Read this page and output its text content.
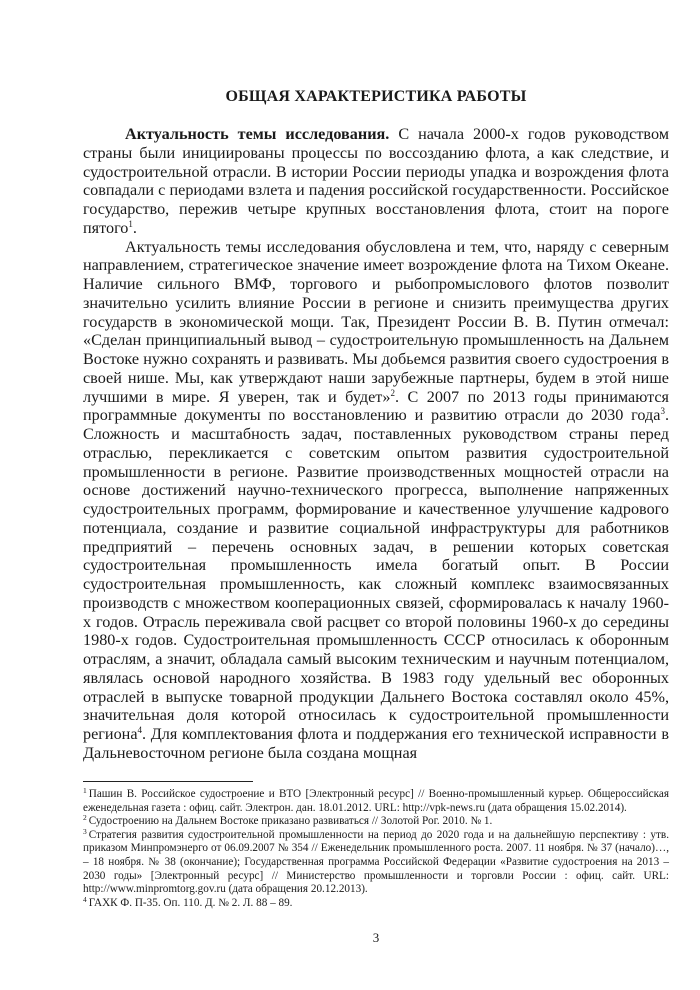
ОБЩАЯ ХАРАКТЕРИСТИКА РАБОТЫ

Актуальность темы исследования. С начала 2000-х годов руководством страны были инициированы процессы по воссозданию флота, а как следствие, и судостроительной отрасли. В истории России периоды упадка и возрождения флота совпадали с периодами взлета и падения российской государственности. Российское государство, пережив четыре крупных восстановления флота, стоит на пороге пятого$^1$.

Актуальность темы исследования обусловлена и тем, что, наряду с северным направлением, стратегическое значение имеет возрождение флота на Тихом Океане. Наличие сильного ВМФ, торгового и рыбопромыслового флотов позволит значительно усилить влияние России в регионе и снизить преимущества других государств в экономической мощи. Так, Президент России В. В. Путин отмечал: «Сделан принципиальный вывод – судостроительную промышленность на Дальнем Востоке нужно сохранять и развивать. Мы добьемся развития своего судостроения в своей нише. Мы, как утверждают наши зарубежные партнеры, будем в этой нише лучшими в мире. Я уверен, так и будет»$^2$. С 2007 по 2013 годы принимаются программные документы по восстановлению и развитию отрасли до 2030 года$^3$. Сложность и масштабность задач, поставленных руководством страны перед отраслью, перекликается с советским опытом развития судостроительной промышленности в регионе. Развитие производственных мощностей отрасли на основе достижений научно-технического прогресса, выполнение напряженных судостроительных программ, формирование и качественное улучшение кадрового потенциала, создание и развитие социальной инфраструктуры для работников предприятий – перечень основных задач, в решении которых советская судостроительная промышленность имела богатый опыт. В России судостроительная промышленность, как сложный комплекс взаимосвязанных производств с множеством кооперационных связей, сформировалась к началу 1960-х годов. Отрасль переживала свой расцвет со второй половины 1960-х до середины 1980-х годов. Судостроительная промышленность СССР относилась к оборонным отраслям, а значит, обладала самый высоким техническим и научным потенциалом, являлась основой народного хозяйства. В 1983 году удельный вес оборонных отраслей в выпуске товарной продукции Дальнего Востока составлял около 45%, значительная доля которой относилась к судостроительной промышленности региона$^4$. Для комплектования флота и поддержания его технической исправности в Дальневосточном регионе была создана мощная

$^1$ Пашин В. Российское судостроение и ВТО [Электронный ресурс] // Военно-промышленный курьер. Общероссийская еженедельная газета : офиц. сайт. Электрон. дан. 18.01.2012. URL: http://vpk-news.ru (дата обращения 15.02.2014).

$^2$ Судостроению на Дальнем Востоке приказано развиваться // Золотой Рог. 2010. № 1.

$^3$ Стратегия развития судостроительной промышленности на период до 2020 года и на дальнейшую перспективу : утв. приказом Минпромэнерго от 06.09.2007 № 354 // Еженедельник промышленного роста. 2007. 11 ноября. № 37 (начало)…, – 18 ноября. № 38 (окончание); Государственная программа Российской Федерации «Развитие судостроения на 2013 – 2030 годы» [Электронный ресурс] // Министерство промышленности и торговли России : офиц. сайт. URL: http://www.minpromtorg.gov.ru (дата обращения 20.12.2013).

$^4$ ГАХК Ф. П-35. Оп. 110. Д. № 2. Л. 88 – 89.

3
